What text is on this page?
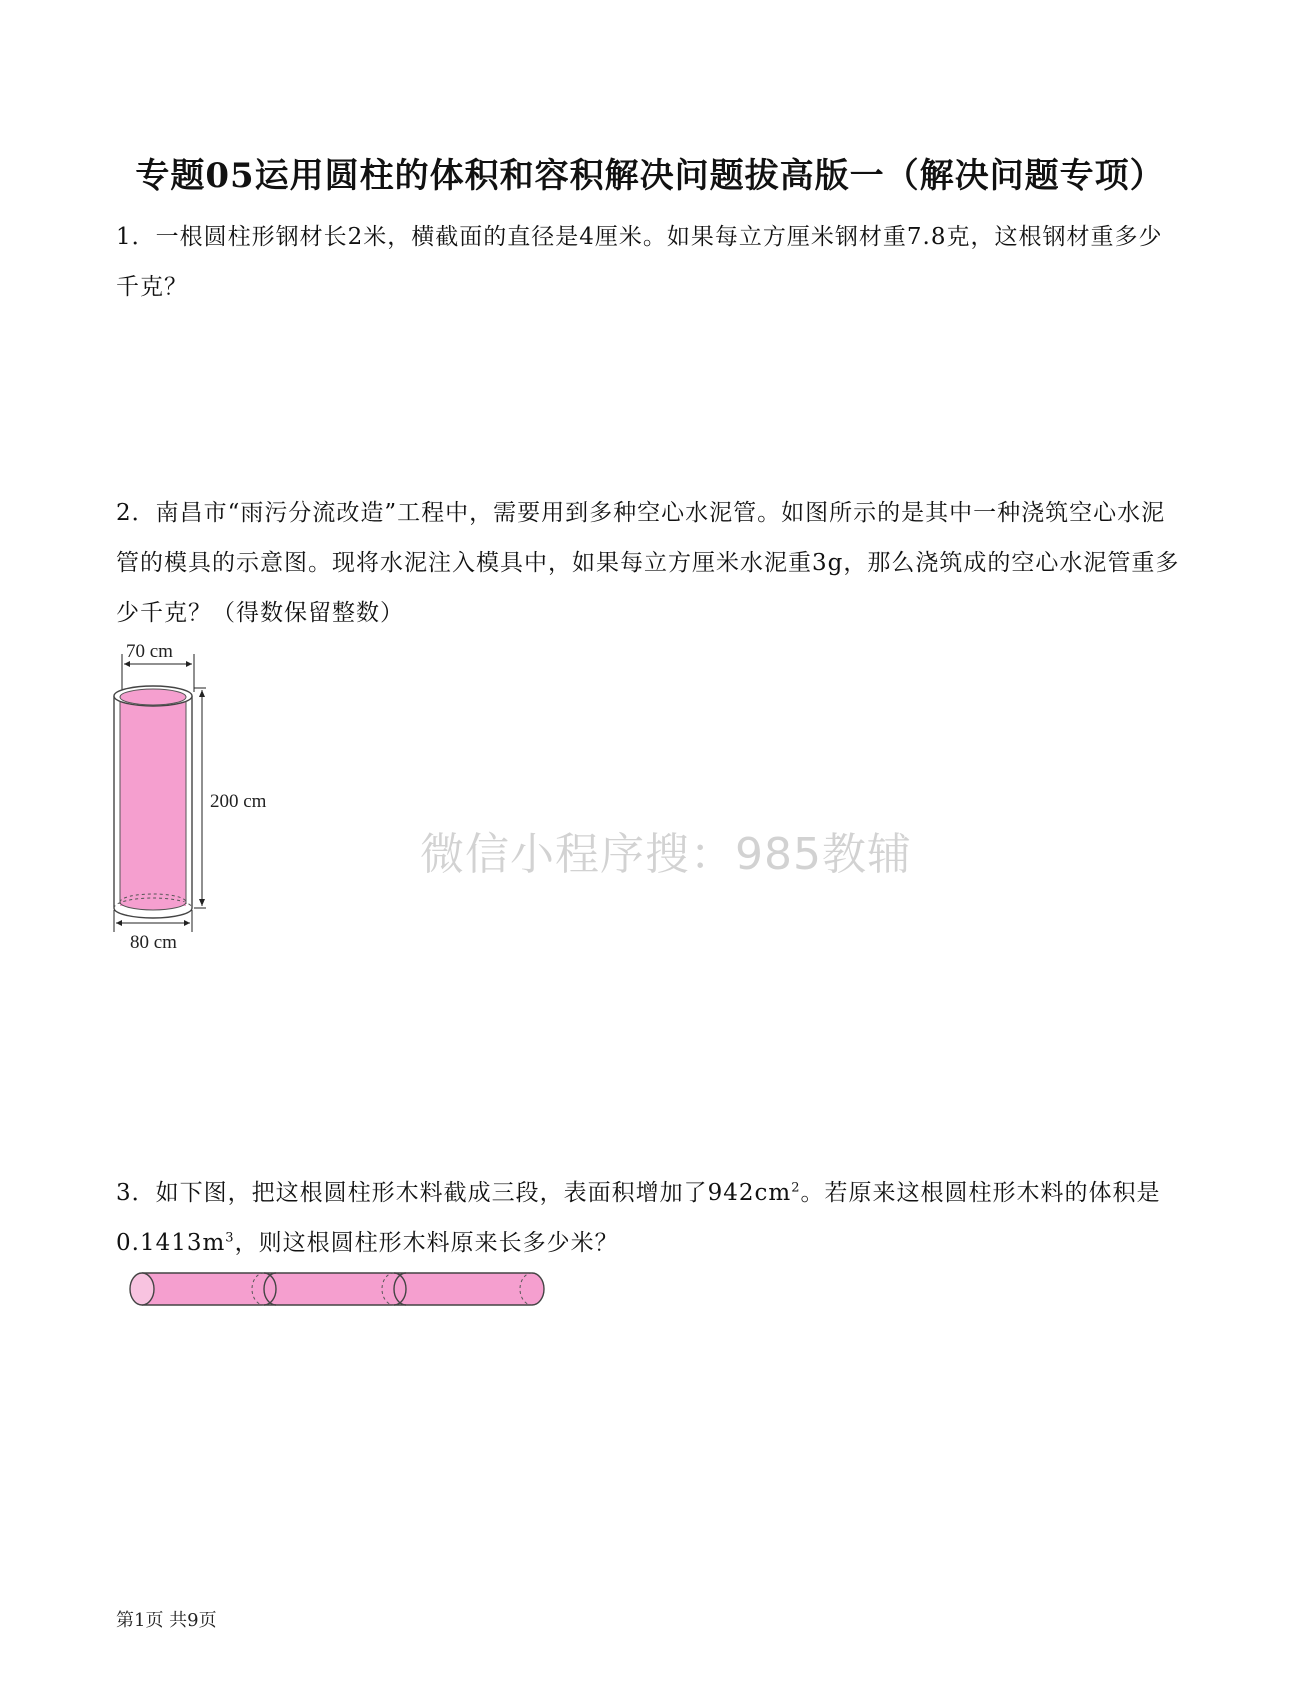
专题05运用圆柱的体积和容积解决问题拔高版一（解决问题专项）
1．一根圆柱形钢材长2米，横截面的直径是4厘米。如果每立方厘米钢材重7.8克，这根钢材重多少千克？
2．南昌市“雨污分流改造”工程中，需要用到多种空心水泥管。如图所示的是其中一种浇筑空心水泥管的模具的示意图。现将水泥注入模具中，如果每立方厘米水泥重3g，那么浇筑成的空心水泥管重多少千克？（得数保留整数）
70 cm
200 cm
80 cm
微信小程序搜：985教辅
3．如下图，把这根圆柱形木料截成三段，表面积增加了$942cm^2$。若原来这根圆柱形木料的体积是$0.1413m^3$，则这根圆柱形木料原来长多少米？
第1页 共9页
